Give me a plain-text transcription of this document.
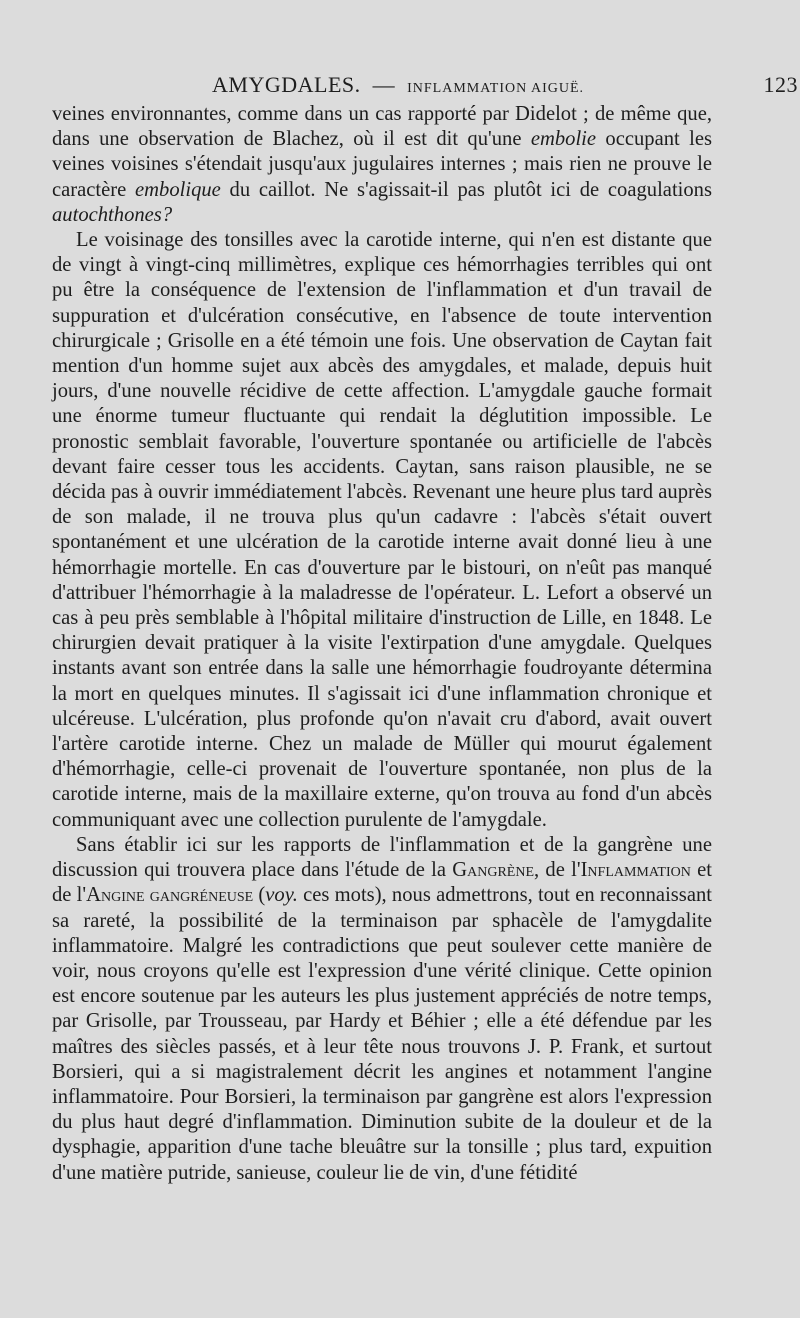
AMYGDALES. — INFLAMMATION AIGUË.	123

veines environnantes, comme dans un cas rapporté par Didelot ; de même que, dans une observation de Blachez, où il est dit qu'une embolie occupant les veines voisines s'étendait jusqu'aux jugulaires internes ; mais rien ne prouve le caractère embolique du caillot. Ne s'agissait-il pas plutôt ici de coagulations autochthones?

Le voisinage des tonsilles avec la carotide interne, qui n'en est distante que de vingt à vingt-cinq millimètres, explique ces hémorrhagies terribles qui ont pu être la conséquence de l'extension de l'inflammation et d'un travail de suppuration et d'ulcération consécutive, en l'absence de toute intervention chirurgicale ; Grisolle en a été témoin une fois. Une observation de Caytan fait mention d'un homme sujet aux abcès des amygdales, et malade, depuis huit jours, d'une nouvelle récidive de cette affection. L'amygdale gauche formait une énorme tumeur fluctuante qui rendait la déglutition impossible. Le pronostic semblait favorable, l'ouverture spontanée ou artificielle de l'abcès devant faire cesser tous les accidents. Caytan, sans raison plausible, ne se décida pas à ouvrir immédiatement l'abcès. Revenant une heure plus tard auprès de son malade, il ne trouva plus qu'un cadavre : l'abcès s'était ouvert spontanément et une ulcération de la carotide interne avait donné lieu à une hémorrhagie mortelle. En cas d'ouverture par le bistouri, on n'eût pas manqué d'attribuer l'hémorrhagie à la maladresse de l'opérateur. L. Lefort a observé un cas à peu près semblable à l'hôpital militaire d'instruction de Lille, en 1848. Le chirurgien devait pratiquer à la visite l'extirpation d'une amygdale. Quelques instants avant son entrée dans la salle une hémorrhagie foudroyante détermina la mort en quelques minutes. Il s'agissait ici d'une inflammation chronique et ulcéreuse. L'ulcération, plus profonde qu'on n'avait cru d'abord, avait ouvert l'artère carotide interne. Chez un malade de Müller qui mourut également d'hémorrhagie, celle-ci provenait de l'ouverture spontanée, non plus de la carotide interne, mais de la maxillaire externe, qu'on trouva au fond d'un abcès communiquant avec une collection purulente de l'amygdale.

Sans établir ici sur les rapports de l'inflammation et de la gangrène une discussion qui trouvera place dans l'étude de la Gangrène, de l'Inflammation et de l'Angine gangréneuse (voy. ces mots), nous admettrons, tout en reconnaissant sa rareté, la possibilité de la terminaison par sphacèle de l'amygdalite inflammatoire. Malgré les contradictions que peut soulever cette manière de voir, nous croyons qu'elle est l'expression d'une vérité clinique. Cette opinion est encore soutenue par les auteurs les plus justement appréciés de notre temps, par Grisolle, par Trousseau, par Hardy et Béhier ; elle a été défendue par les maîtres des siècles passés, et à leur tête nous trouvons J. P. Frank, et surtout Borsieri, qui a si magistralement décrit les angines et notamment l'angine inflammatoire. Pour Borsieri, la terminaison par gangrène est alors l'expression du plus haut degré d'inflammation. Diminution subite de la douleur et de la dysphagie, apparition d'une tache bleuâtre sur la tonsille ; plus tard, expuition d'une matière putride, sanieuse, couleur lie de vin, d'une fétidité
